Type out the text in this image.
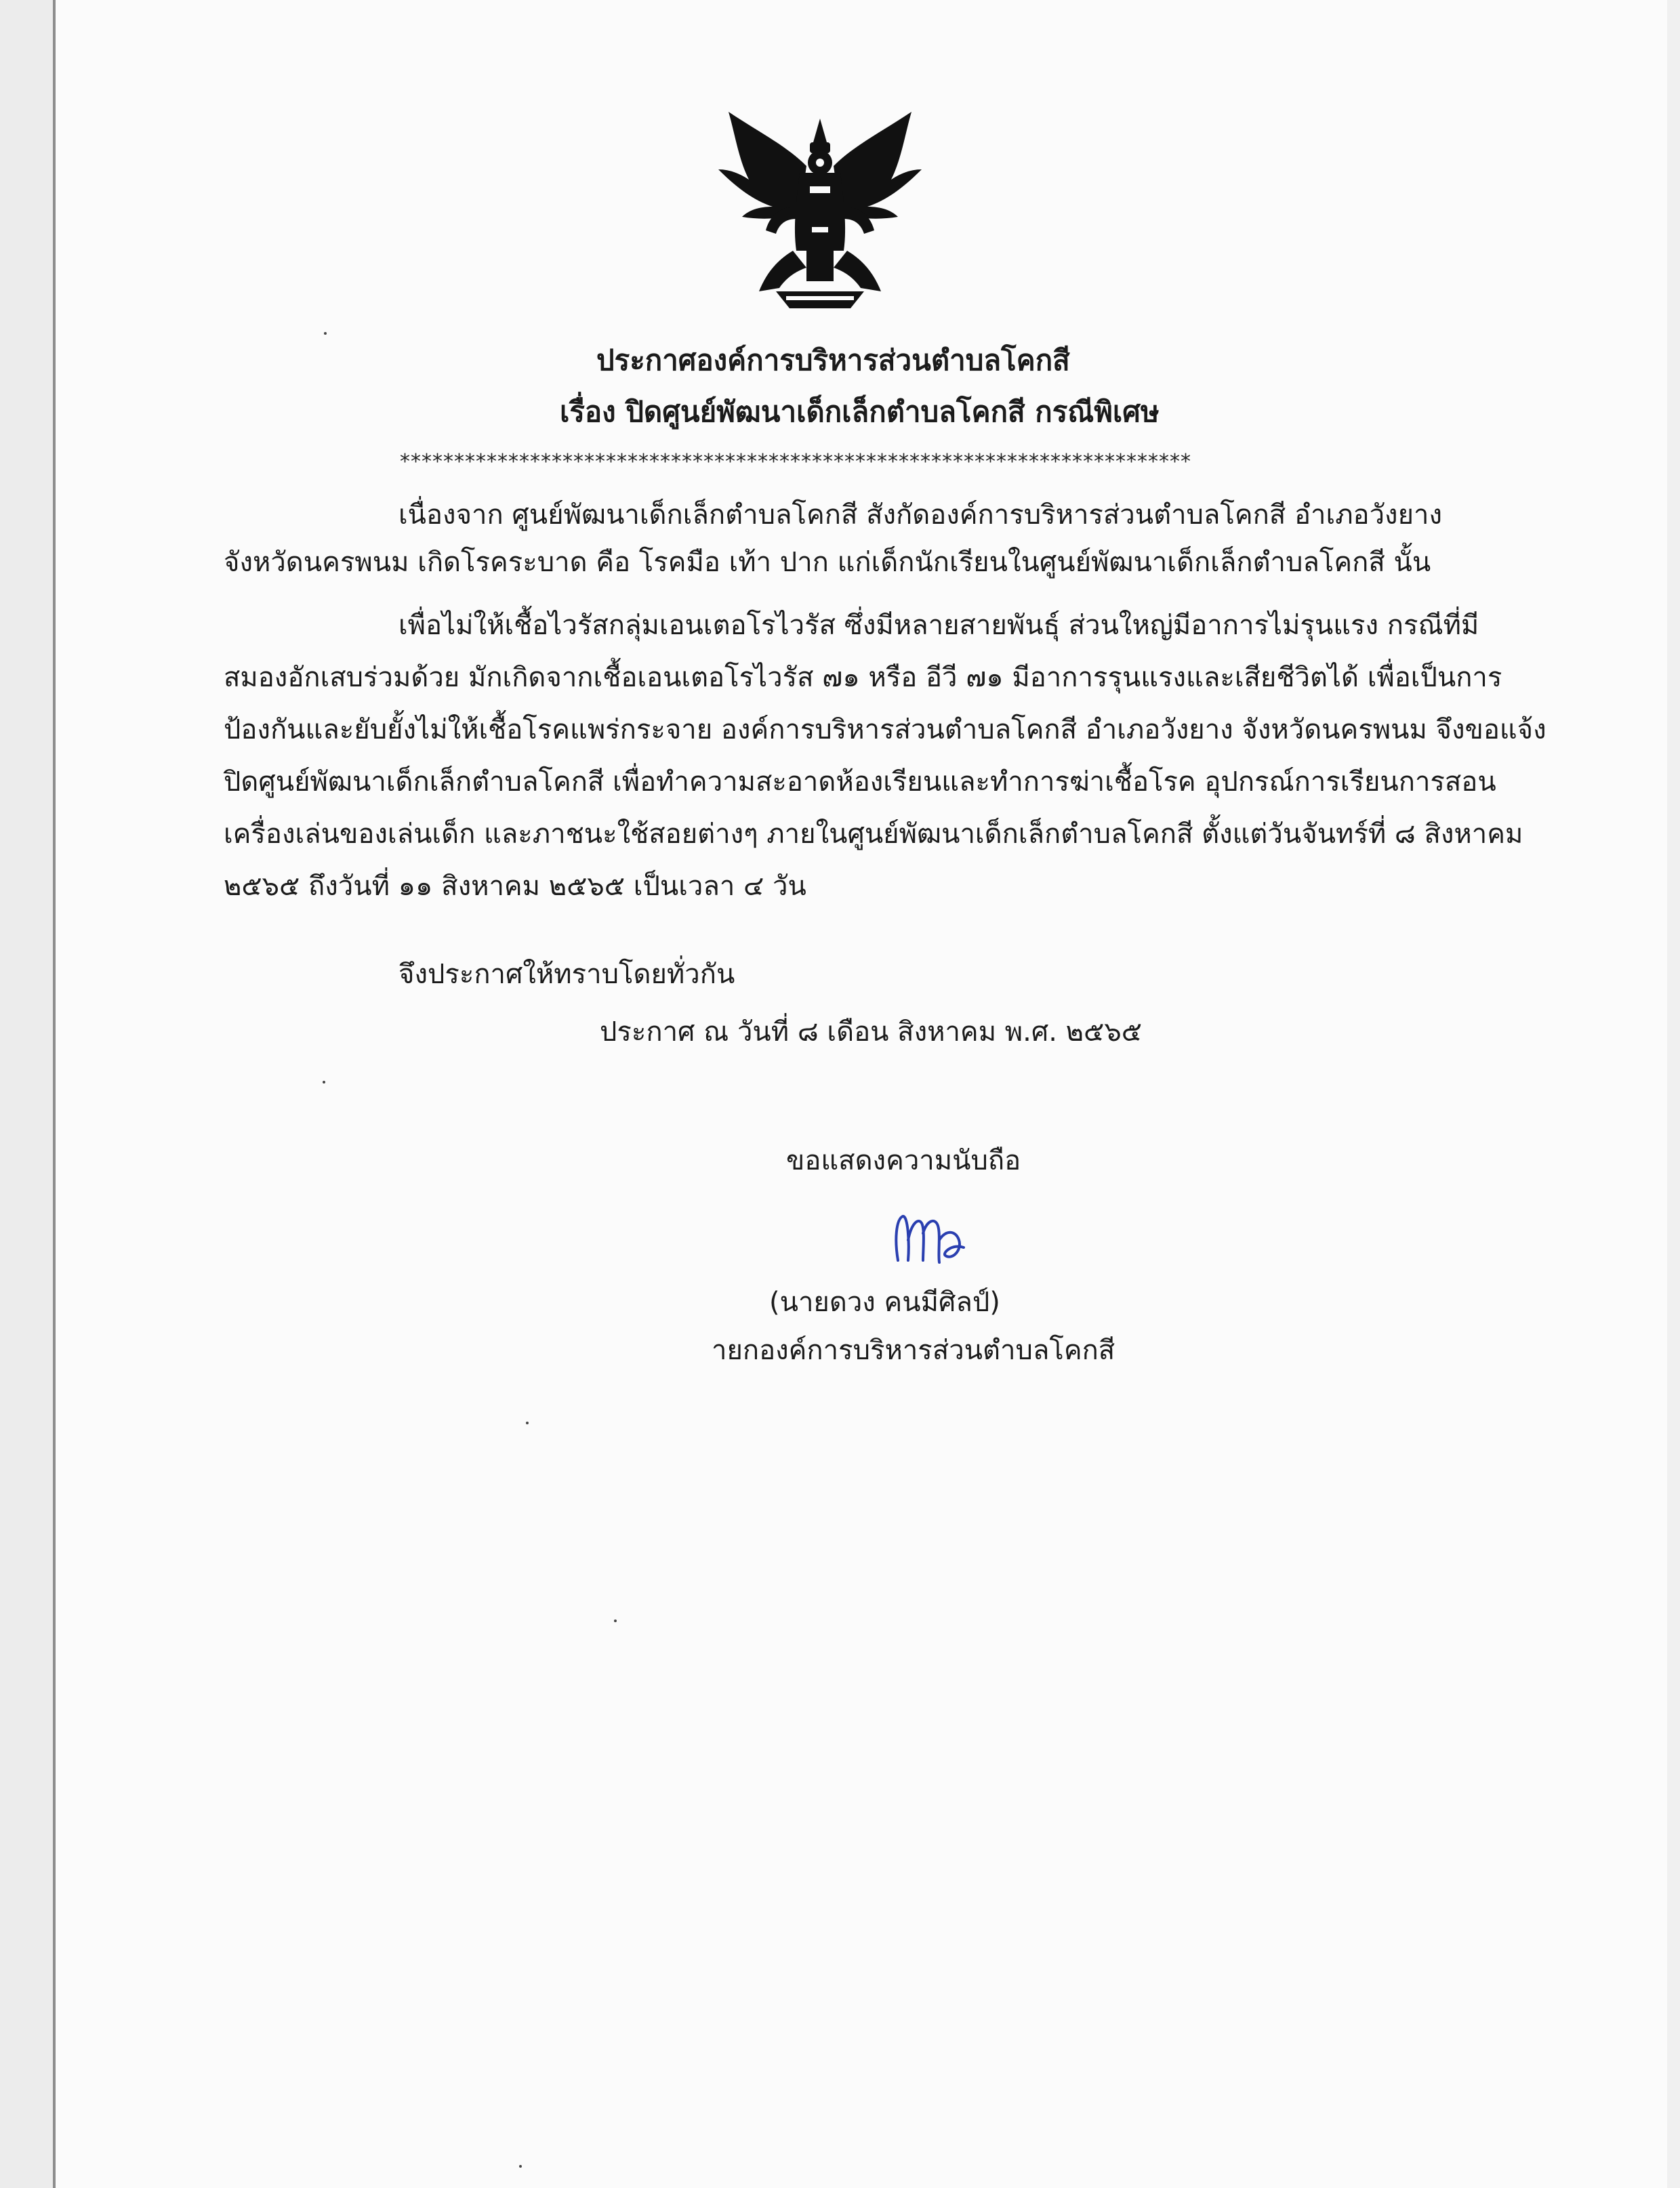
ประกาศองค์การบริหารส่วนตำบลโคกสี
เรื่อง ปิดศูนย์พัฒนาเด็กเล็กตำบลโคกสี กรณีพิเศษ
*************************************************************************
เนื่องจาก ศูนย์พัฒนาเด็กเล็กตำบลโคกสี สังกัดองค์การบริหารส่วนตำบลโคกสี อำเภอวังยาง
จังหวัดนครพนม เกิดโรคระบาด คือ โรคมือ เท้า ปาก แก่เด็กนักเรียนในศูนย์พัฒนาเด็กเล็กตำบลโคกสี นั้น
เพื่อไม่ให้เชื้อไวรัสกลุ่มเอนเตอโรไวรัส ซึ่งมีหลายสายพันธุ์ ส่วนใหญ่มีอาการไม่รุนแรง กรณีที่มี
สมองอักเสบร่วมด้วย มักเกิดจากเชื้อเอนเตอโรไวรัส ๗๑ หรือ อีวี ๗๑ มีอาการรุนแรงและเสียชีวิตได้ เพื่อเป็นการ
ป้องกันและยับยั้งไม่ให้เชื้อโรคแพร่กระจาย องค์การบริหารส่วนตำบลโคกสี อำเภอวังยาง จังหวัดนครพนม จึงขอแจ้ง
ปิดศูนย์พัฒนาเด็กเล็กตำบลโคกสี เพื่อทำความสะอาดห้องเรียนและทำการฆ่าเชื้อโรค อุปกรณ์การเรียนการสอน
เครื่องเล่นของเล่นเด็ก และภาชนะใช้สอยต่างๆ ภายในศูนย์พัฒนาเด็กเล็กตำบลโคกสี ตั้งแต่วันจันทร์ที่ ๘ สิงหาคม
๒๕๖๕ ถึงวันที่ ๑๑ สิงหาคม ๒๕๖๕ เป็นเวลา ๔ วัน
จึงประกาศให้ทราบโดยทั่วกัน
ประกาศ ณ วันที่ ๘ เดือน สิงหาคม พ.ศ. ๒๕๖๕
ขอแสดงความนับถือ
(นายดวง คนมีศิลป์)
ายกองค์การบริหารส่วนตำบลโคกสี
